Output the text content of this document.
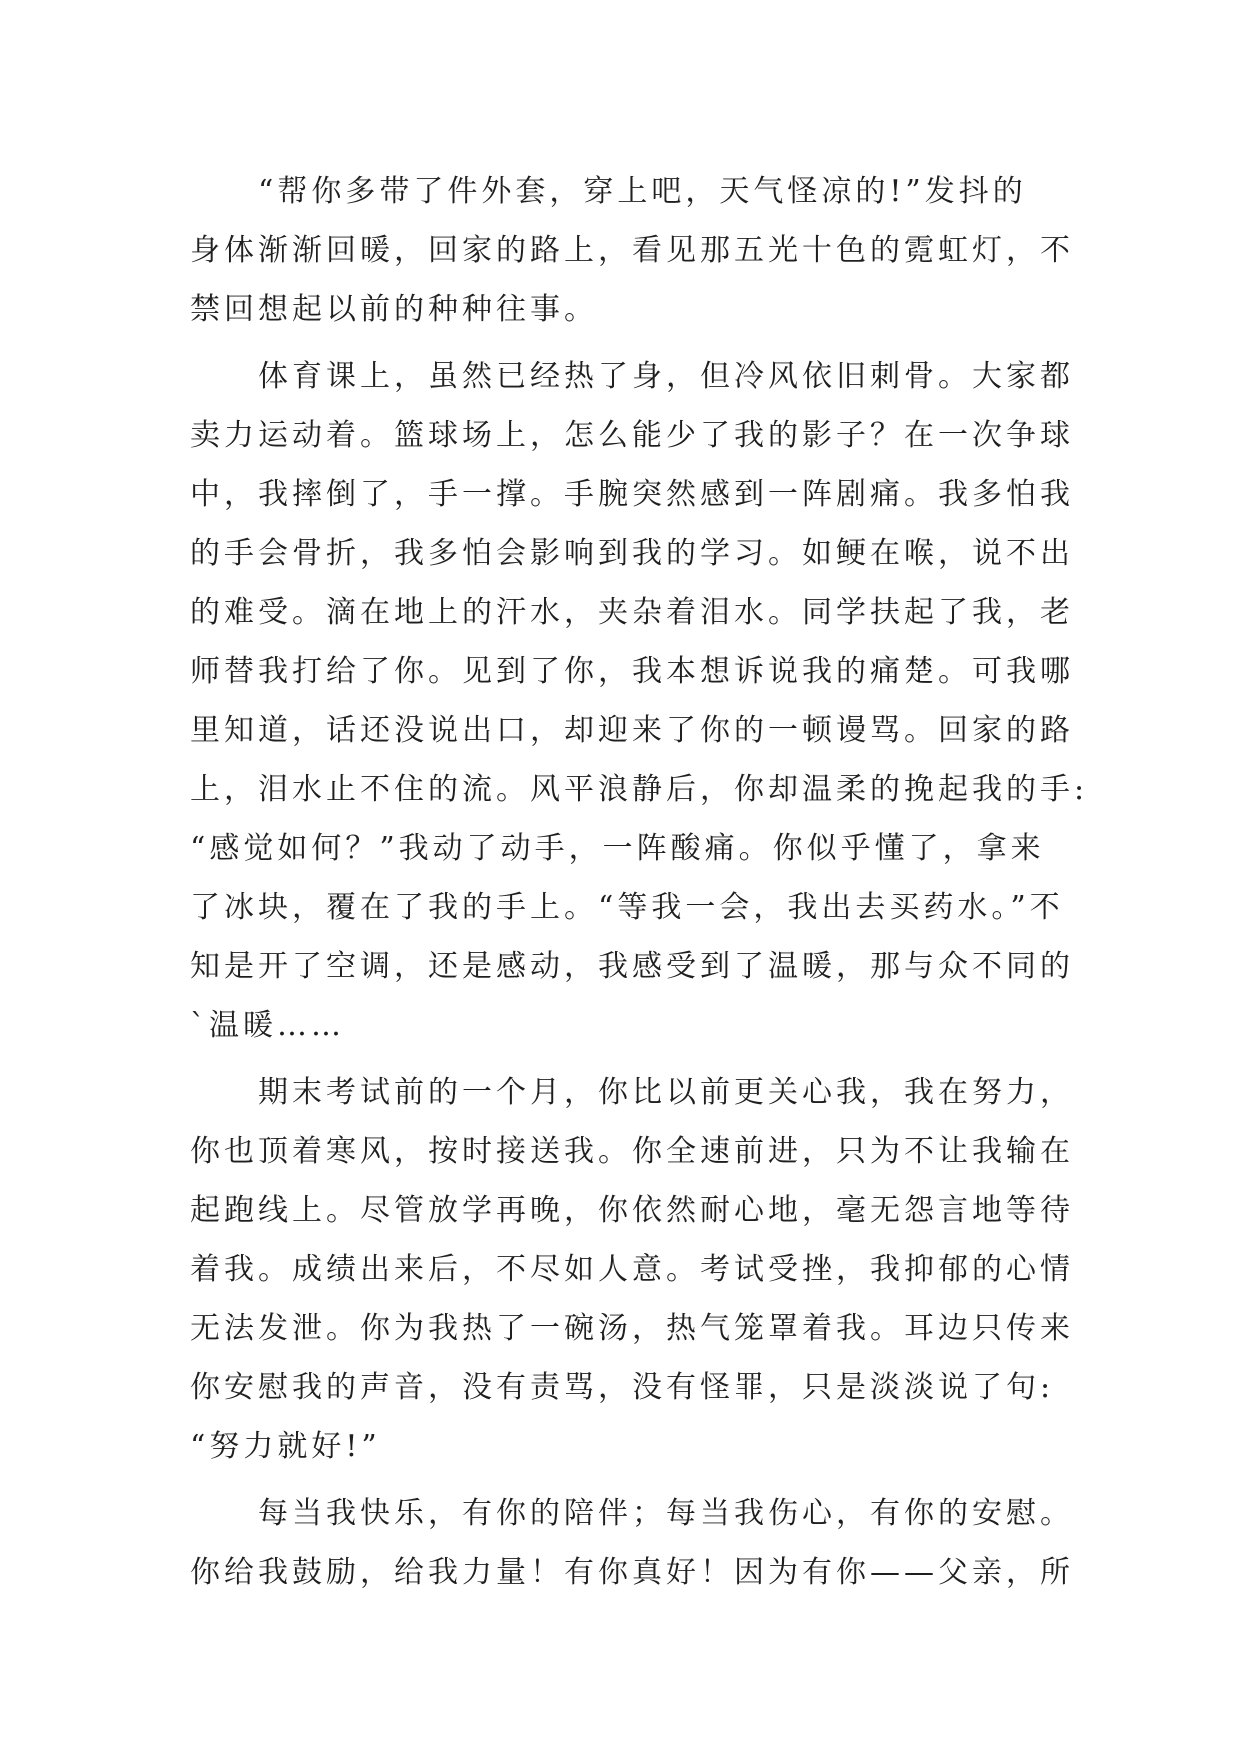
　　“帮你多带了件外套，穿上吧，天气怪凉的!”发抖的
身体渐渐回暖，回家的路上，看见那五光十色的霓虹灯，不
禁回想起以前的种种往事。
　　体育课上，虽然已经热了身，但冷风依旧刺骨。大家都
卖力运动着。篮球场上，怎么能少了我的影子？在一次争球
中，我摔倒了，手一撑。手腕突然感到一阵剧痛。我多怕我
的手会骨折，我多怕会影响到我的学习。如鲠在喉，说不出
的难受。滴在地上的汗水，夹杂着泪水。同学扶起了我，老
师替我打给了你。见到了你，我本想诉说我的痛楚。可我哪
里知道，话还没说出口，却迎来了你的一顿谩骂。回家的路
上，泪水止不住的流。风平浪静后，你却温柔的挽起我的手:
“感觉如何？”我动了动手，一阵酸痛。你似乎懂了，拿来
了冰块，覆在了我的手上。“等我一会，我出去买药水。”不
知是开了空调，还是感动，我感受到了温暖，那与众不同的
`温暖……
　　期末考试前的一个月，你比以前更关心我，我在努力，
你也顶着寒风，按时接送我。你全速前进，只为不让我输在
起跑线上。尽管放学再晚，你依然耐心地，毫无怨言地等待
着我。成绩出来后，不尽如人意。考试受挫，我抑郁的心情
无法发泄。你为我热了一碗汤，热气笼罩着我。耳边只传来
你安慰我的声音，没有责骂，没有怪罪，只是淡淡说了句:
“努力就好!”
　　每当我快乐，有你的陪伴；每当我伤心，有你的安慰。
你给我鼓励，给我力量！有你真好！因为有你——父亲，所
